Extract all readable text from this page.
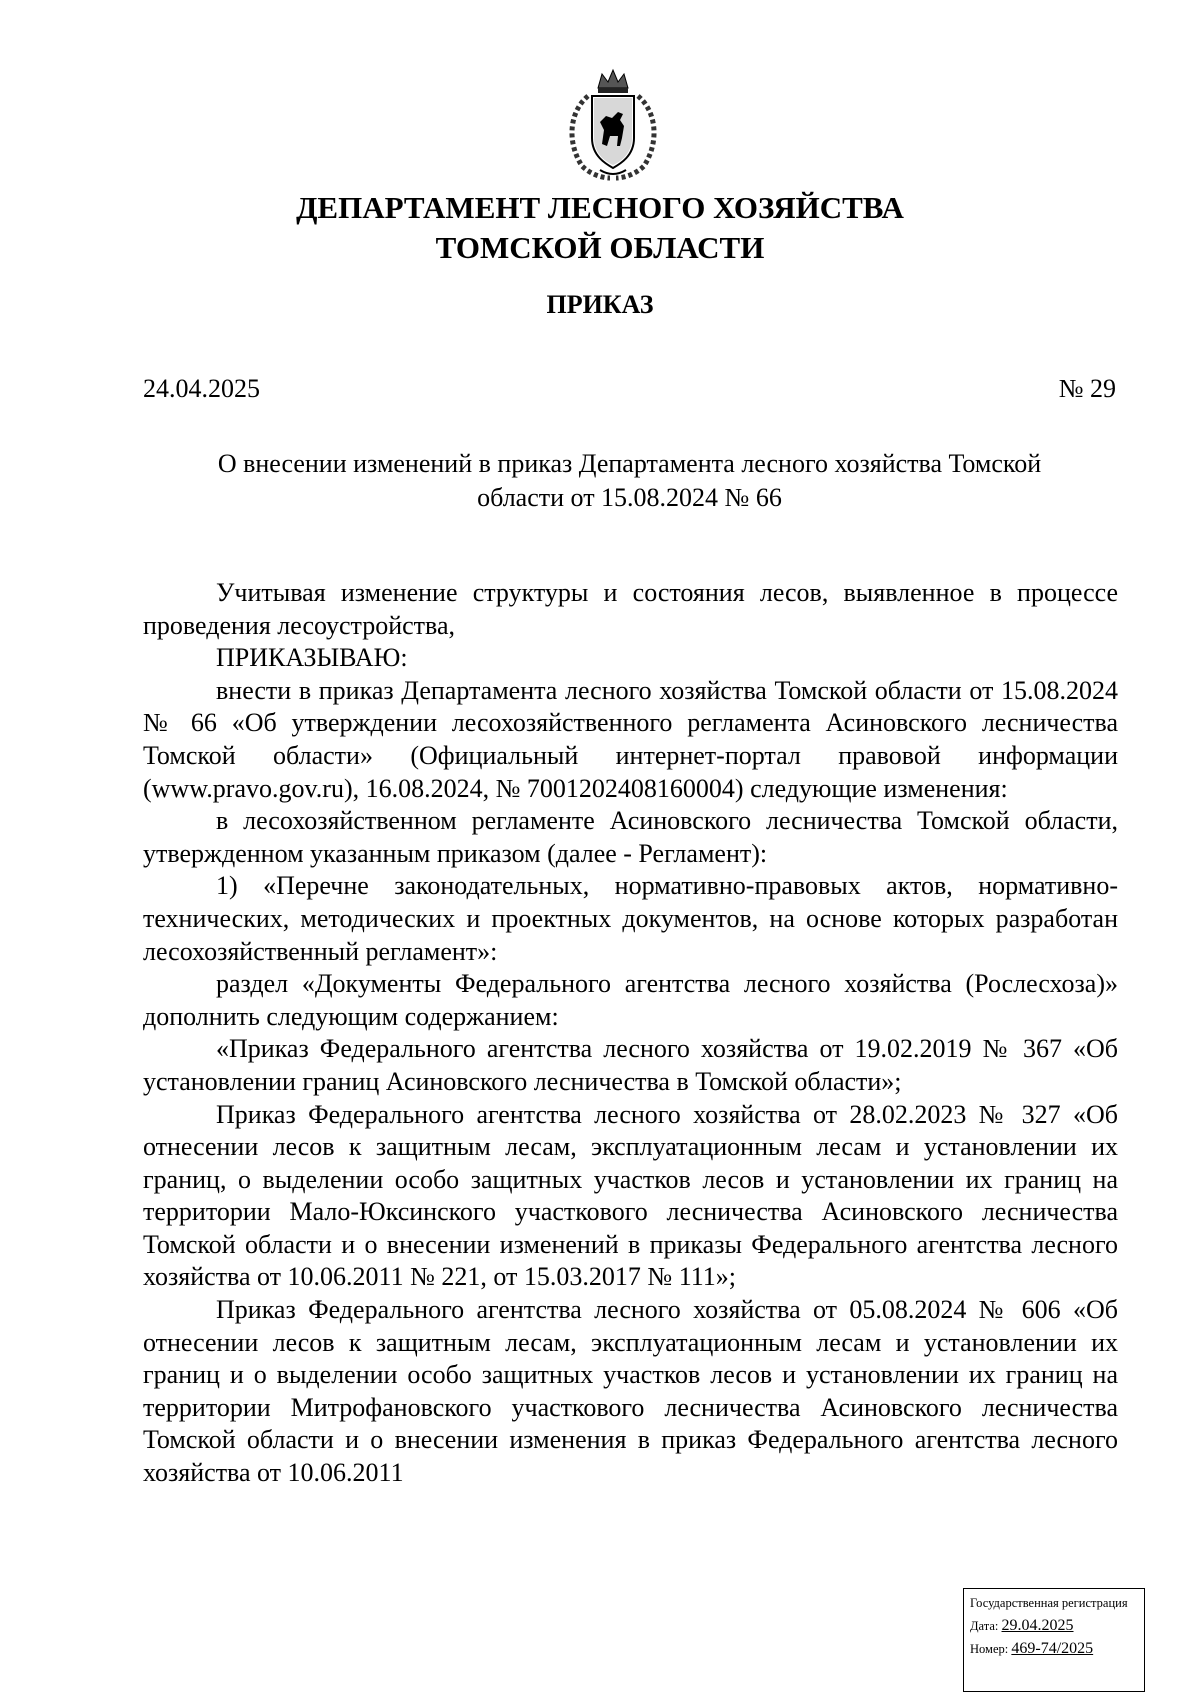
ДЕПАРТАМЕНТ ЛЕСНОГО ХОЗЯЙСТВА
ТОМСКОЙ ОБЛАСТИ
ПРИКАЗ
24.04.2025	№ 29
О внесении изменений в приказ Департамента лесного хозяйства Томской
области от 15.08.2024 № 66

Учитывая изменение структуры и состояния лесов, выявленное в процессе проведения лесоустройства,

ПРИКАЗЫВАЮ:

внести в приказ Департамента лесного хозяйства Томской области от 15.08.2024 № 66 «Об утверждении лесохозяйственного регламента Асиновского лесничества Томской области» (Официальный интернет-портал правовой информации (www.pravo.gov.ru), 16.08.2024, № 7001202408160004) следующие изменения:

в лесохозяйственном регламенте Асиновского лесничества Томской области, утвержденном указанным приказом (далее - Регламент):

1) «Перечне законодательных, нормативно-правовых актов, нормативно-технических, методических и проектных документов, на основе которых разработан лесохозяйственный регламент»:

раздел «Документы Федерального агентства лесного хозяйства (Рослесхоза)» дополнить следующим содержанием:

«Приказ Федерального агентства лесного хозяйства от 19.02.2019 № 367 «Об установлении границ Асиновского лесничества в Томской области»;

Приказ Федерального агентства лесного хозяйства от 28.02.2023 № 327 «Об отнесении лесов к защитным лесам, эксплуатационным лесам и установлении их границ, о выделении особо защитных участков лесов и установлении их границ на территории Мало-Юксинского участкового лесничества Асиновского лесничества Томской области и о внесении изменений в приказы Федерального агентства лесного хозяйства от 10.06.2011 № 221, от 15.03.2017 № 111»;

Приказ Федерального агентства лесного хозяйства от 05.08.2024 № 606 «Об отнесении лесов к защитным лесам, эксплуатационным лесам и установлении их границ и о выделении особо защитных участков лесов и установлении их границ на территории Митрофановского участкового лесничества Асиновского лесничества Томской области и о внесении изменения в приказ Федерального агентства лесного хозяйства от 10.06.2011

Государственная регистрация
Дата: 29.04.2025
Номер: 469-74/2025
